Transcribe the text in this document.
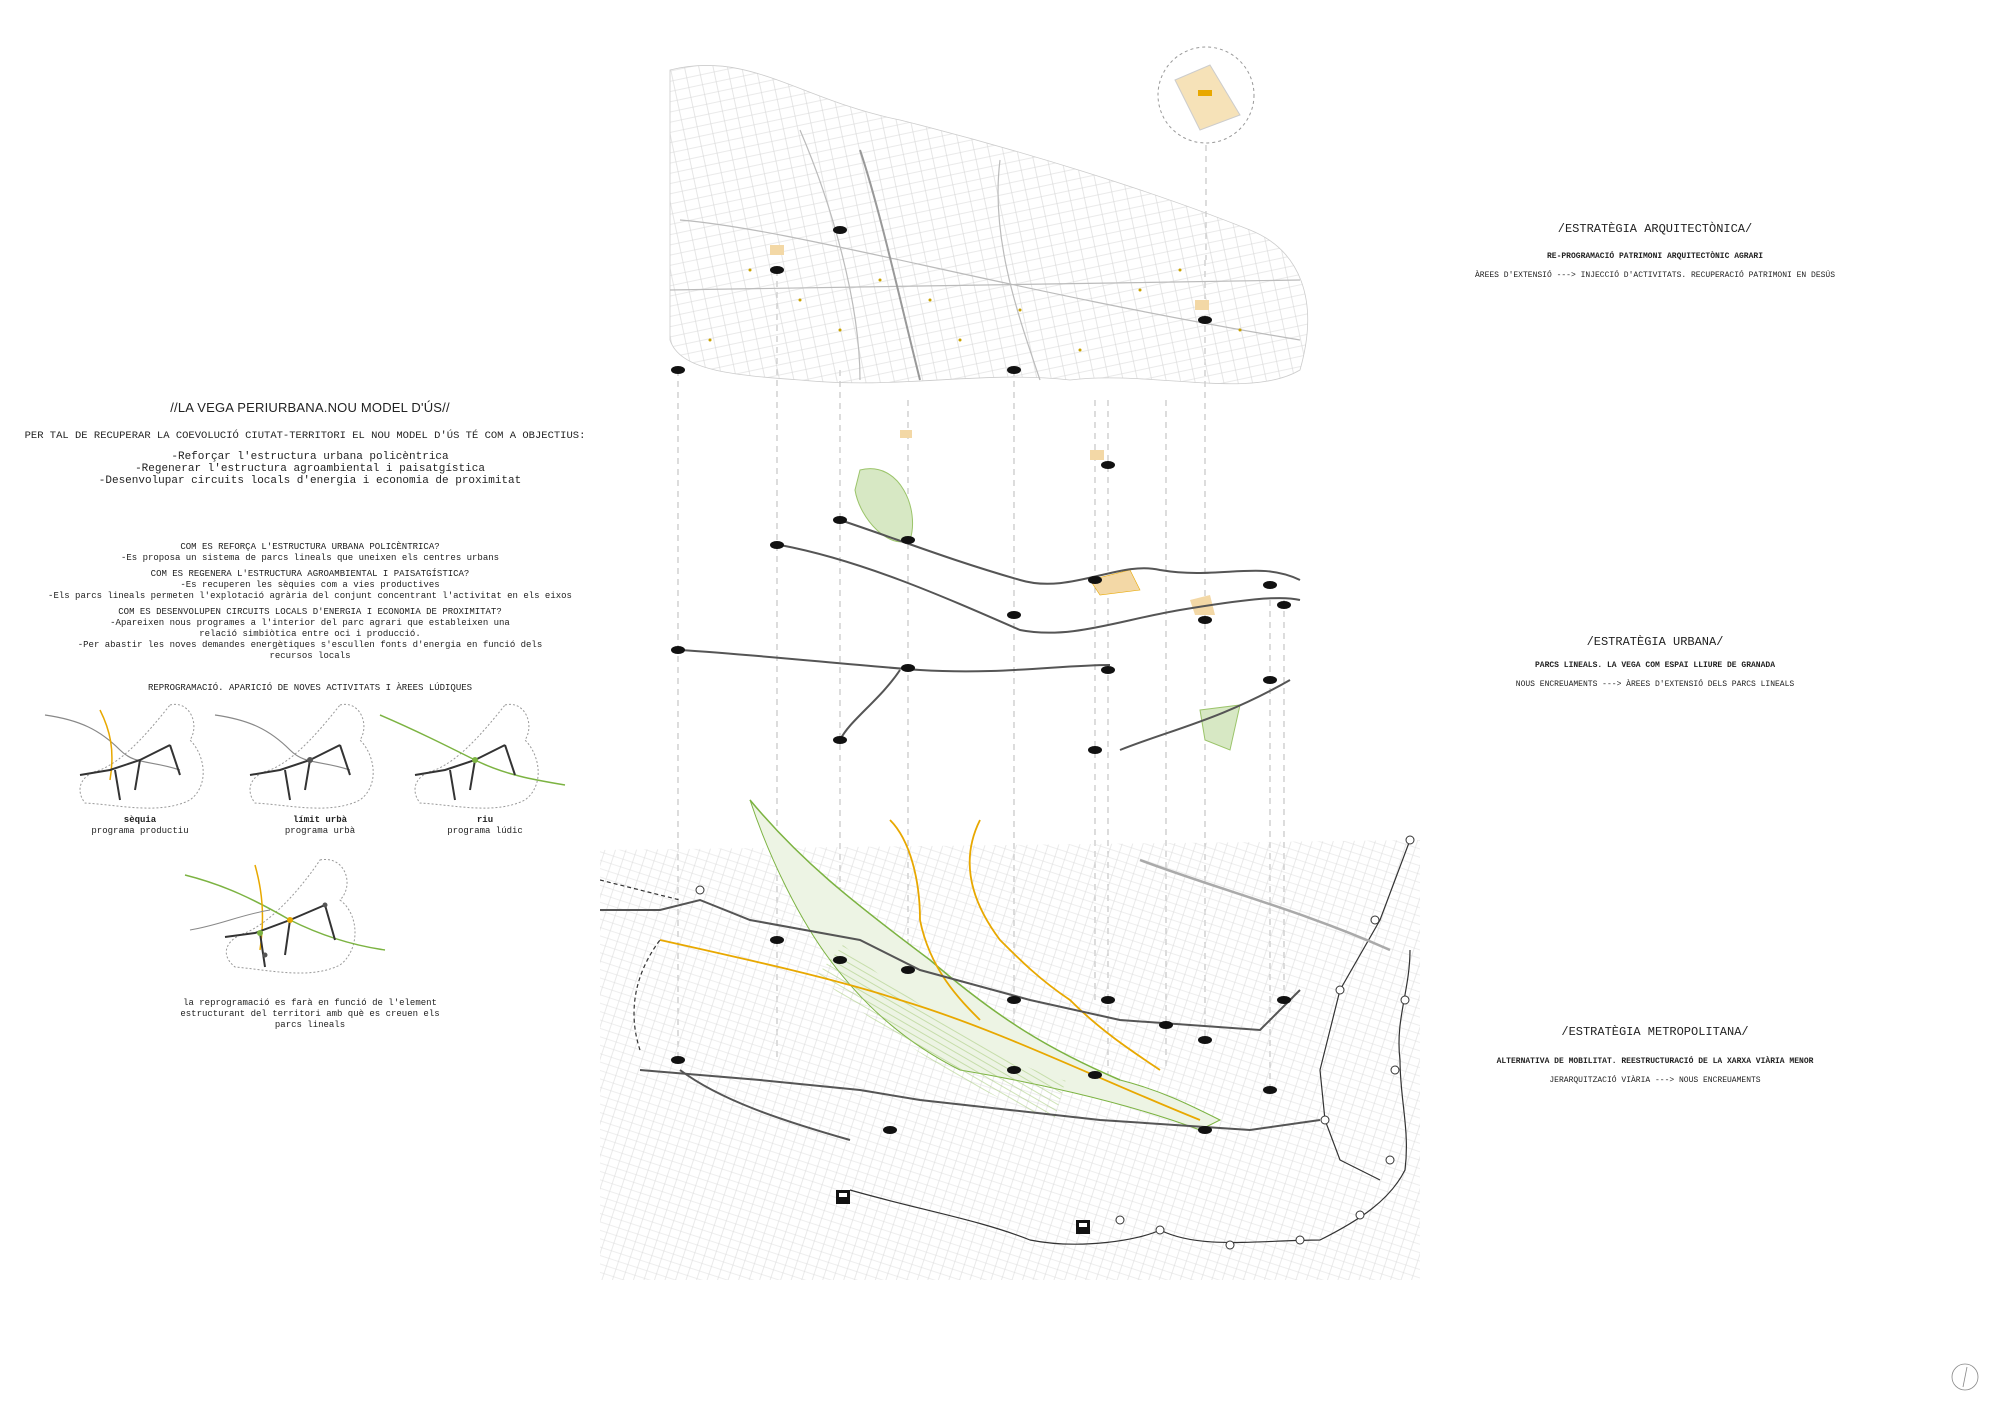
//LA VEGA PERIURBANA.NOU MODEL D'ÚS//
PER TAL DE RECUPERAR LA COEVOLUCIÓ CIUTAT-TERRITORI EL NOU MODEL D'ÚS TÉ COM A OBJECTIUS:
-Reforçar l'estructura urbana policèntrica
-Regenerar l'estructura agroambiental i paisatgística
-Desenvolupar circuits locals d'energia i economia de proximitat
COM ES REFORÇA L'ESTRUCTURA URBANA POLICÈNTRICA?
-Es proposa un sistema de parcs lineals que uneixen els centres urbans
COM ES REGENERA L'ESTRUCTURA AGROAMBIENTAL I PAISATGÍSTICA?
-Es recuperen les sèquies com a vies productives
-Els parcs lineals permeten l'explotació agrària del conjunt concentrant l'activitat en els eixos
COM ES DESENVOLUPEN CIRCUITS LOCALS D'ENERGIA I ECONOMIA DE PROXIMITAT?
-Apareixen nous programes a l'interior del parc agrari que estableixen una
relació simbiòtica entre oci i producció.
-Per abastir les noves demandes energètiques s'escullen fonts d'energia en funció dels
recursos locals
REPROGRAMACIÓ. APARICIÓ DE NOVES ACTIVITATS I ÀREES LÚDIQUES
sèquia
programa productiu
límit urbà
programa urbà
riu
programa lúdic
la reprogramació es farà en funció de l'element
estructurant del territori amb què es creuen els
parcs lineals
/ESTRATÈGIA ARQUITECTÒNICA/
RE-PROGRAMACIÓ PATRIMONI ARQUITECTÒNIC AGRARI
ÀREES D'EXTENSIÓ ---> INJECCIÓ D'ACTIVITATS. RECUPERACIÓ PATRIMONI EN DESÚS
/ESTRATÈGIA URBANA/
PARCS LINEALS. LA VEGA COM ESPAI LLIURE DE GRANADA
NOUS ENCREUAMENTS ---> ÀREES D'EXTENSIÓ DELS PARCS LINEALS
/ESTRATÈGIA METROPOLITANA/
ALTERNATIVA DE MOBILITAT. REESTRUCTURACIÓ DE LA XARXA VIÀRIA MENOR
JERARQUITZACIÓ VIÀRIA ---> NOUS ENCREUAMENTS
